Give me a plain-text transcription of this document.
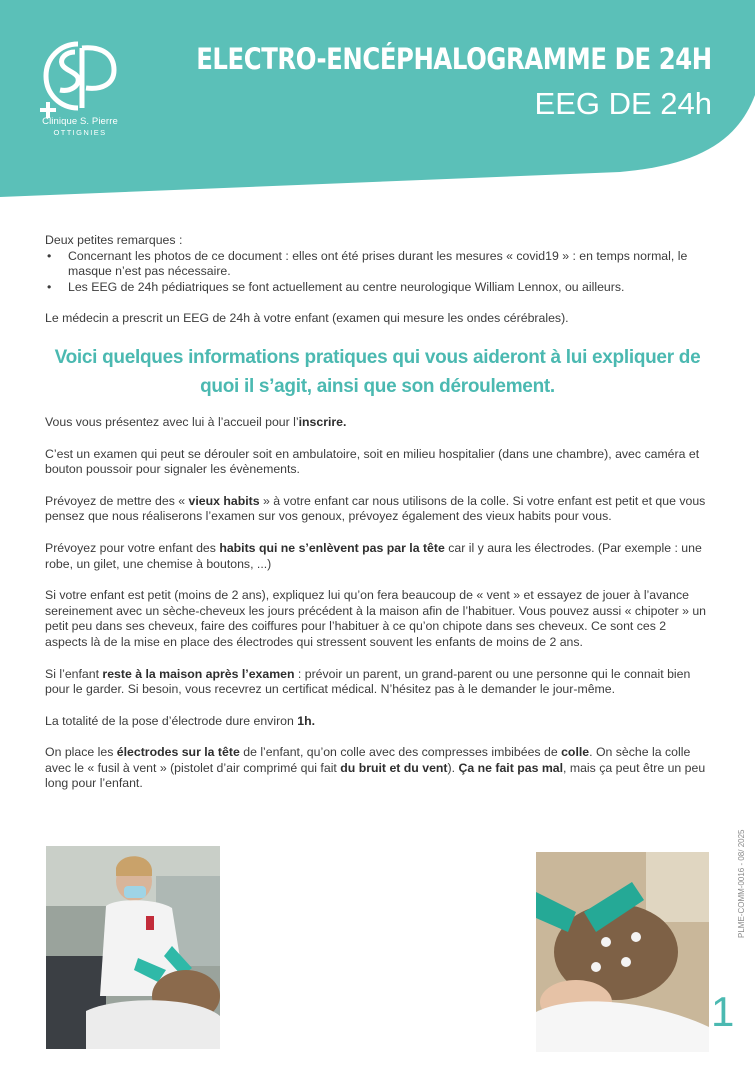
Clinique S. Pierre
OTTIGNIES
ELECTRO-ENCÉPHALOGRAMME DE 24H
EEG DE 24h

Deux petites remarques :

• Concernant les photos de ce document : elles ont été prises durant les mesures « covid19 » : en temps normal, le masque n’est pas nécessaire.
• Les EEG de 24h pédiatriques se font actuellement au centre neurologique William Lennox, ou ailleurs.

Le médecin a prescrit un EEG de 24h à votre enfant (examen qui mesure les ondes cérébrales).

Voici quelques informations pratiques qui vous aideront à lui expliquer de quoi il s’agit, ainsi que son déroulement.

Vous vous présentez avec lui à l’accueil pour l’inscrire.

C’est un examen qui peut se dérouler soit en ambulatoire, soit en milieu hospitalier (dans une chambre), avec caméra et bouton poussoir pour signaler les évènements.

Prévoyez de mettre des « vieux habits » à votre enfant car nous utilisons de la colle. Si votre enfant est petit et que vous pensez que nous réaliserons l’examen sur vos genoux, prévoyez également des vieux habits pour vous.

Prévoyez pour votre enfant des habits qui ne s’enlèvent pas par la tête car il y aura les électrodes. (Par exemple : une robe, un gilet, une chemise à boutons, ...)

Si votre enfant est petit (moins de 2 ans), expliquez lui qu’on fera beaucoup de « vent » et essayez de jouer à l’avance sereinement avec un sèche-cheveux les jours précédent à la maison afin de l’habituer. Vous pouvez aussi « chipoter » un petit peu dans ses cheveux, faire des coiffures pour l’habituer à ce qu’on chipote dans ses cheveux. Ce sont ces 2 aspects là de la mise en place des électrodes qui stressent souvent les enfants de moins de 2 ans.

Si l’enfant reste à la maison après l’examen : prévoir un parent, un grand-parent ou une personne qui le connait bien pour le garder. Si besoin, vous recevrez un certificat médical. N’hésitez pas à le demander le jour-même.

La totalité de la pose d’électrode dure environ 1h.

On place les électrodes sur la tête de l’enfant, qu’on colle avec des compresses imbibées de colle. On sèche la colle avec le « fusil à vent » (pistolet d’air comprimé qui fait du bruit et du vent). Ça ne fait pas mal, mais ça peut être un peu long pour l’enfant.

PLME-COMM-0016 - 08/ 2025
1
